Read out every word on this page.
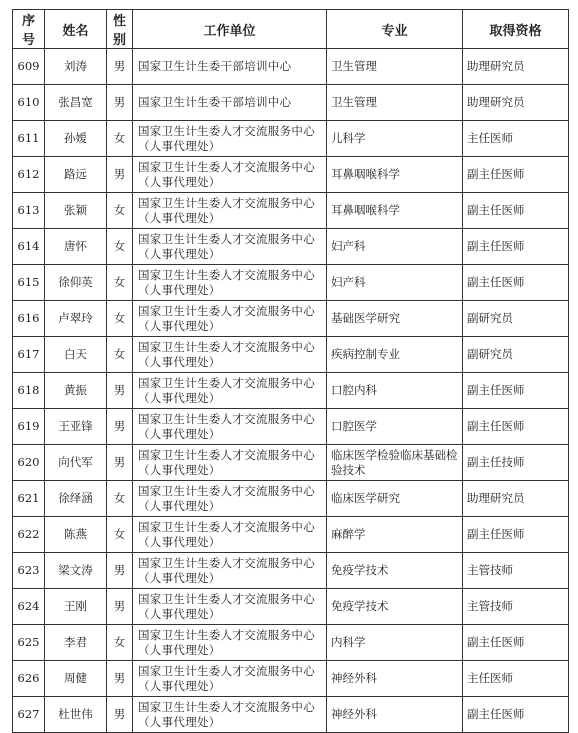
序号	姓名	性别	工作单位	专业	取得资格
609	刘涛	男	国家卫生计生委干部培训中心	卫生管理	助理研究员
610	张昌宽	男	国家卫生计生委干部培训中心	卫生管理	助理研究员
611	孙嫒	女	国家卫生计生委人才交流服务中心（人事代理处）	儿科学	主任医师
612	路远	男	国家卫生计生委人才交流服务中心（人事代理处）	耳鼻咽喉科学	副主任医师
613	张颖	女	国家卫生计生委人才交流服务中心（人事代理处）	耳鼻咽喉科学	副主任医师
614	唐怀	女	国家卫生计生委人才交流服务中心（人事代理处）	妇产科	副主任医师
615	徐仰英	女	国家卫生计生委人才交流服务中心（人事代理处）	妇产科	副主任医师
616	卢翠玲	女	国家卫生计生委人才交流服务中心（人事代理处）	基础医学研究	副研究员
617	白天	女	国家卫生计生委人才交流服务中心（人事代理处）	疾病控制专业	副研究员
618	黄振	男	国家卫生计生委人才交流服务中心（人事代理处）	口腔内科	副主任医师
619	王亚锋	男	国家卫生计生委人才交流服务中心（人事代理处）	口腔医学	副主任医师
620	向代军	男	国家卫生计生委人才交流服务中心（人事代理处）	临床医学检验临床基础检验技术	副主任技师
621	徐绎涵	女	国家卫生计生委人才交流服务中心（人事代理处）	临床医学研究	助理研究员
622	陈燕	女	国家卫生计生委人才交流服务中心（人事代理处）	麻醉学	副主任医师
623	梁文涛	男	国家卫生计生委人才交流服务中心（人事代理处）	免疫学技术	主管技师
624	王刚	男	国家卫生计生委人才交流服务中心（人事代理处）	免疫学技术	主管技师
625	李君	女	国家卫生计生委人才交流服务中心（人事代理处）	内科学	副主任医师
626	周健	男	国家卫生计生委人才交流服务中心（人事代理处）	神经外科	主任医师
627	杜世伟	男	国家卫生计生委人才交流服务中心（人事代理处）	神经外科	副主任医师
